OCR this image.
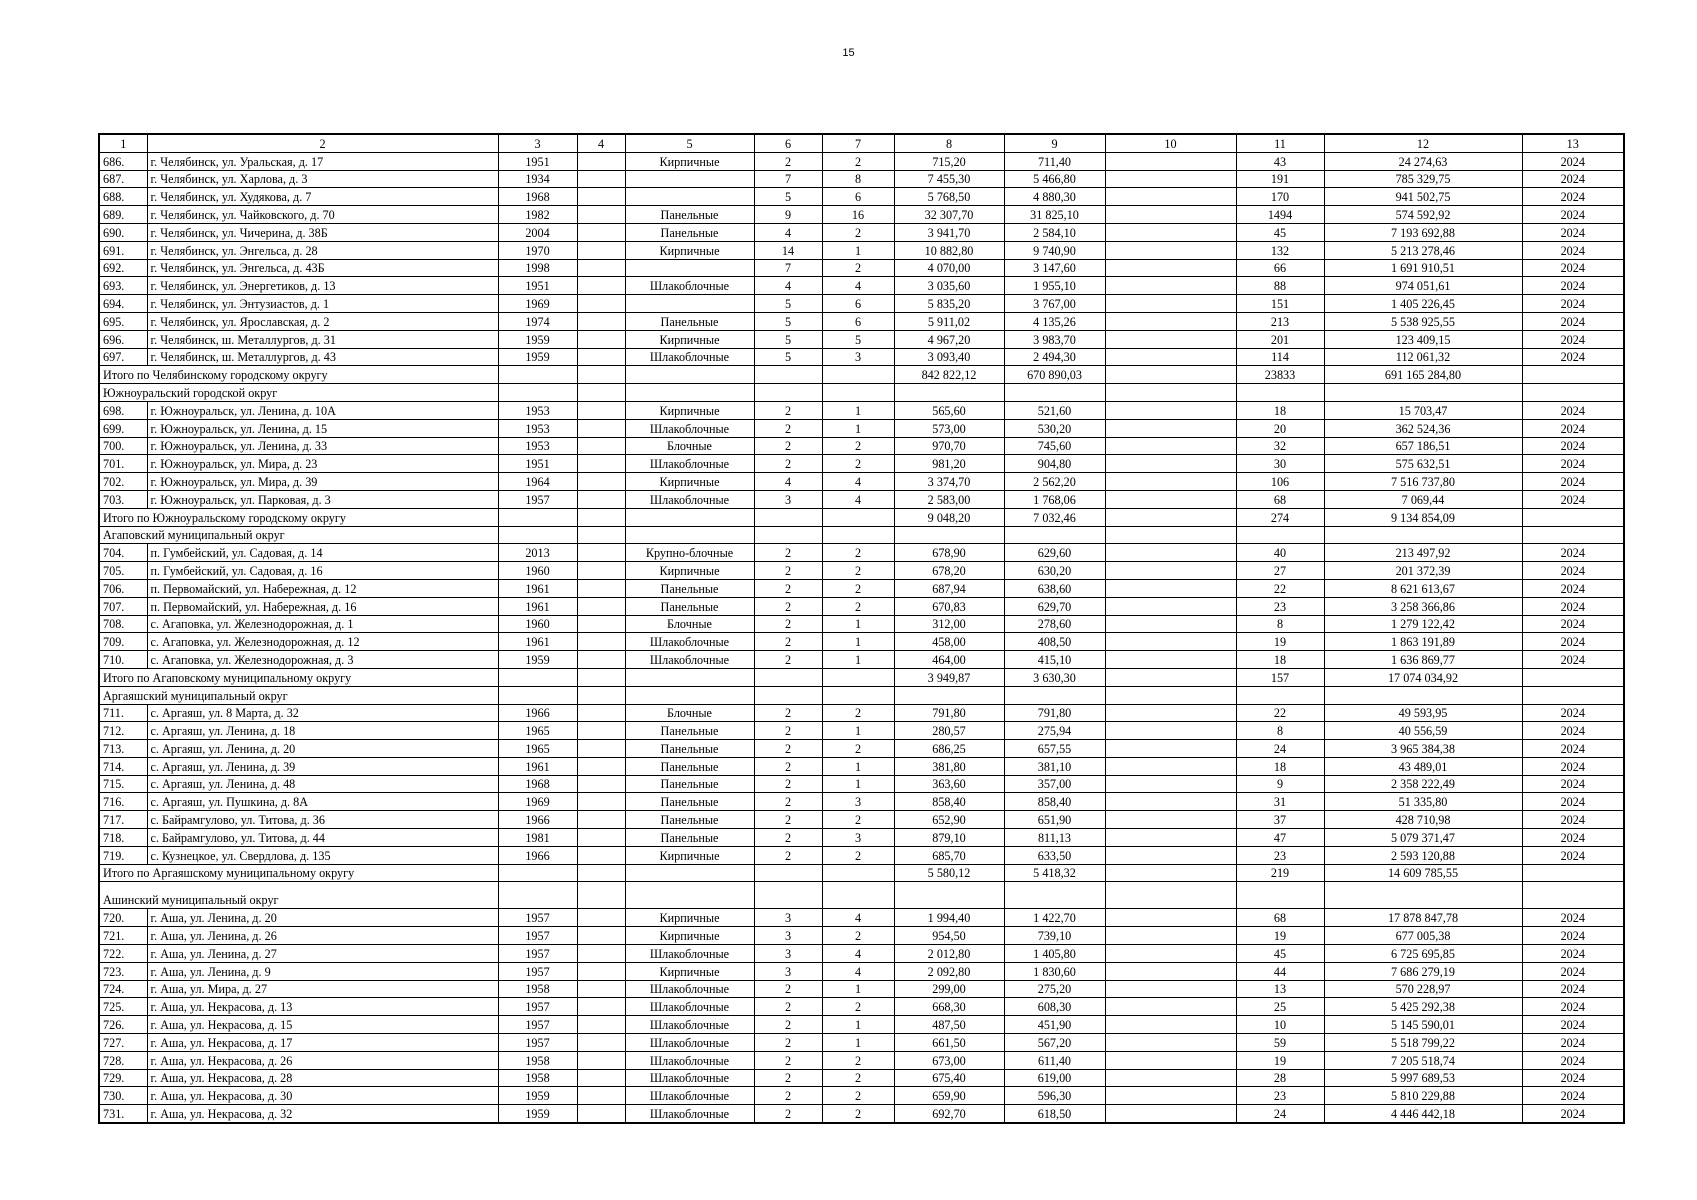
15
1	2	3	4	5	6	7	8	9	10	11	12	13
686.	г. Челябинск, ул. Уральская, д. 17	1951		Кирпичные	2	2	715,20	711,40		43	24 274,63	2024
687.	г. Челябинск, ул. Харлова, д. 3	1934			7	8	7 455,30	5 466,80		191	785 329,75	2024
688.	г. Челябинск, ул. Худякова, д. 7	1968			5	6	5 768,50	4 880,30		170	941 502,75	2024
689.	г. Челябинск, ул. Чайковского, д. 70	1982		Панельные	9	16	32 307,70	31 825,10		1494	574 592,92	2024
690.	г. Челябинск, ул. Чичерина, д. 38Б	2004		Панельные	4	2	3 941,70	2 584,10		45	7 193 692,88	2024
691.	г. Челябинск, ул. Энгельса, д. 28	1970		Кирпичные	14	1	10 882,80	9 740,90		132	5 213 278,46	2024
692.	г. Челябинск, ул. Энгельса, д. 43Б	1998			7	2	4 070,00	3 147,60		66	1 691 910,51	2024
693.	г. Челябинск, ул. Энергетиков, д. 13	1951		Шлакоблочные	4	4	3 035,60	1 955,10		88	974 051,61	2024
694.	г. Челябинск, ул. Энтузиастов, д. 1	1969			5	6	5 835,20	3 767,00		151	1 405 226,45	2024
695.	г. Челябинск, ул. Ярославская, д. 2	1974		Панельные	5	6	5 911,02	4 135,26		213	5 538 925,55	2024
696.	г. Челябинск, ш. Металлургов, д. 31	1959		Кирпичные	5	5	4 967,20	3 983,70		201	123 409,15	2024
697.	г. Челябинск, ш. Металлургов, д. 43	1959		Шлакоблочные	5	3	3 093,40	2 494,30		114	112 061,32	2024
Итого по Челябинскому городскому округу							842 822,12	670 890,03		23833	691 165 284,80	
Южноуральский городской округ												
698.	г. Южноуральск, ул. Ленина, д. 10А	1953		Кирпичные	2	1	565,60	521,60		18	15 703,47	2024
699.	г. Южноуральск, ул. Ленина, д. 15	1953		Шлакоблочные	2	1	573,00	530,20		20	362 524,36	2024
700.	г. Южноуральск, ул. Ленина, д. 33	1953		Блочные	2	2	970,70	745,60		32	657 186,51	2024
701.	г. Южноуральск, ул. Мира, д. 23	1951		Шлакоблочные	2	2	981,20	904,80		30	575 632,51	2024
702.	г. Южноуральск, ул. Мира, д. 39	1964		Кирпичные	4	4	3 374,70	2 562,20		106	7 516 737,80	2024
703.	г. Южноуральск, ул. Парковая, д. 3	1957		Шлакоблочные	3	4	2 583,00	1 768,06		68	7 069,44	2024
Итого по Южноуральскому городскому округу							9 048,20	7 032,46		274	9 134 854,09	
Агаповский муниципальный округ												
704.	п. Гумбейский, ул. Садовая, д. 14	2013		Крупно-блочные	2	2	678,90	629,60		40	213 497,92	2024
705.	п. Гумбейский, ул. Садовая, д. 16	1960		Кирпичные	2	2	678,20	630,20		27	201 372,39	2024
706.	п. Первомайский, ул. Набережная, д. 12	1961		Панельные	2	2	687,94	638,60		22	8 621 613,67	2024
707.	п. Первомайский, ул. Набережная, д. 16	1961		Панельные	2	2	670,83	629,70		23	3 258 366,86	2024
708.	с. Агаповка, ул. Железнодорожная, д. 1	1960		Блочные	2	1	312,00	278,60		8	1 279 122,42	2024
709.	с. Агаповка, ул. Железнодорожная, д. 12	1961		Шлакоблочные	2	1	458,00	408,50		19	1 863 191,89	2024
710.	с. Агаповка, ул. Железнодорожная, д. 3	1959		Шлакоблочные	2	1	464,00	415,10		18	1 636 869,77	2024
Итого по Агаповскому муниципальному округу							3 949,87	3 630,30		157	17 074 034,92	
Аргаяшский муниципальный округ												
711.	с. Аргаяш, ул. 8 Марта, д. 32	1966		Блочные	2	2	791,80	791,80		22	49 593,95	2024
712.	с. Аргаяш, ул. Ленина, д. 18	1965		Панельные	2	1	280,57	275,94		8	40 556,59	2024
713.	с. Аргаяш, ул. Ленина, д. 20	1965		Панельные	2	2	686,25	657,55		24	3 965 384,38	2024
714.	с. Аргаяш, ул. Ленина, д. 39	1961		Панельные	2	1	381,80	381,10		18	43 489,01	2024
715.	с. Аргаяш, ул. Ленина, д. 48	1968		Панельные	2	1	363,60	357,00		9	2 358 222,49	2024
716.	с. Аргаяш, ул. Пушкина, д. 8А	1969		Панельные	2	3	858,40	858,40		31	51 335,80	2024
717.	с. Байрамгулово, ул. Титова, д. 36	1966		Панельные	2	2	652,90	651,90		37	428 710,98	2024
718.	с. Байрамгулово, ул. Титова, д. 44	1981		Панельные	2	3	879,10	811,13		47	5 079 371,47	2024
719.	с. Кузнецкое, ул. Свердлова, д. 135	1966		Кирпичные	2	2	685,70	633,50		23	2 593 120,88	2024
Итого по Аргаяшскому муниципальному округу							5 580,12	5 418,32		219	14 609 785,55	
Ашинский муниципальный округ												
720.	г. Аша, ул. Ленина, д. 20	1957		Кирпичные	3	4	1 994,40	1 422,70		68	17 878 847,78	2024
721.	г. Аша, ул. Ленина, д. 26	1957		Кирпичные	3	2	954,50	739,10		19	677 005,38	2024
722.	г. Аша, ул. Ленина, д. 27	1957		Шлакоблочные	3	4	2 012,80	1 405,80		45	6 725 695,85	2024
723.	г. Аша, ул. Ленина, д. 9	1957		Кирпичные	3	4	2 092,80	1 830,60		44	7 686 279,19	2024
724.	г. Аша, ул. Мира, д. 27	1958		Шлакоблочные	2	1	299,00	275,20		13	570 228,97	2024
725.	г. Аша, ул. Некрасова, д. 13	1957		Шлакоблочные	2	2	668,30	608,30		25	5 425 292,38	2024
726.	г. Аша, ул. Некрасова, д. 15	1957		Шлакоблочные	2	1	487,50	451,90		10	5 145 590,01	2024
727.	г. Аша, ул. Некрасова, д. 17	1957		Шлакоблочные	2	1	661,50	567,20		59	5 518 799,22	2024
728.	г. Аша, ул. Некрасова, д. 26	1958		Шлакоблочные	2	2	673,00	611,40		19	7 205 518,74	2024
729.	г. Аша, ул. Некрасова, д. 28	1958		Шлакоблочные	2	2	675,40	619,00		28	5 997 689,53	2024
730.	г. Аша, ул. Некрасова, д. 30	1959		Шлакоблочные	2	2	659,90	596,30		23	5 810 229,88	2024
731.	г. Аша, ул. Некрасова, д. 32	1959		Шлакоблочные	2	2	692,70	618,50		24	4 446 442,18	2024
